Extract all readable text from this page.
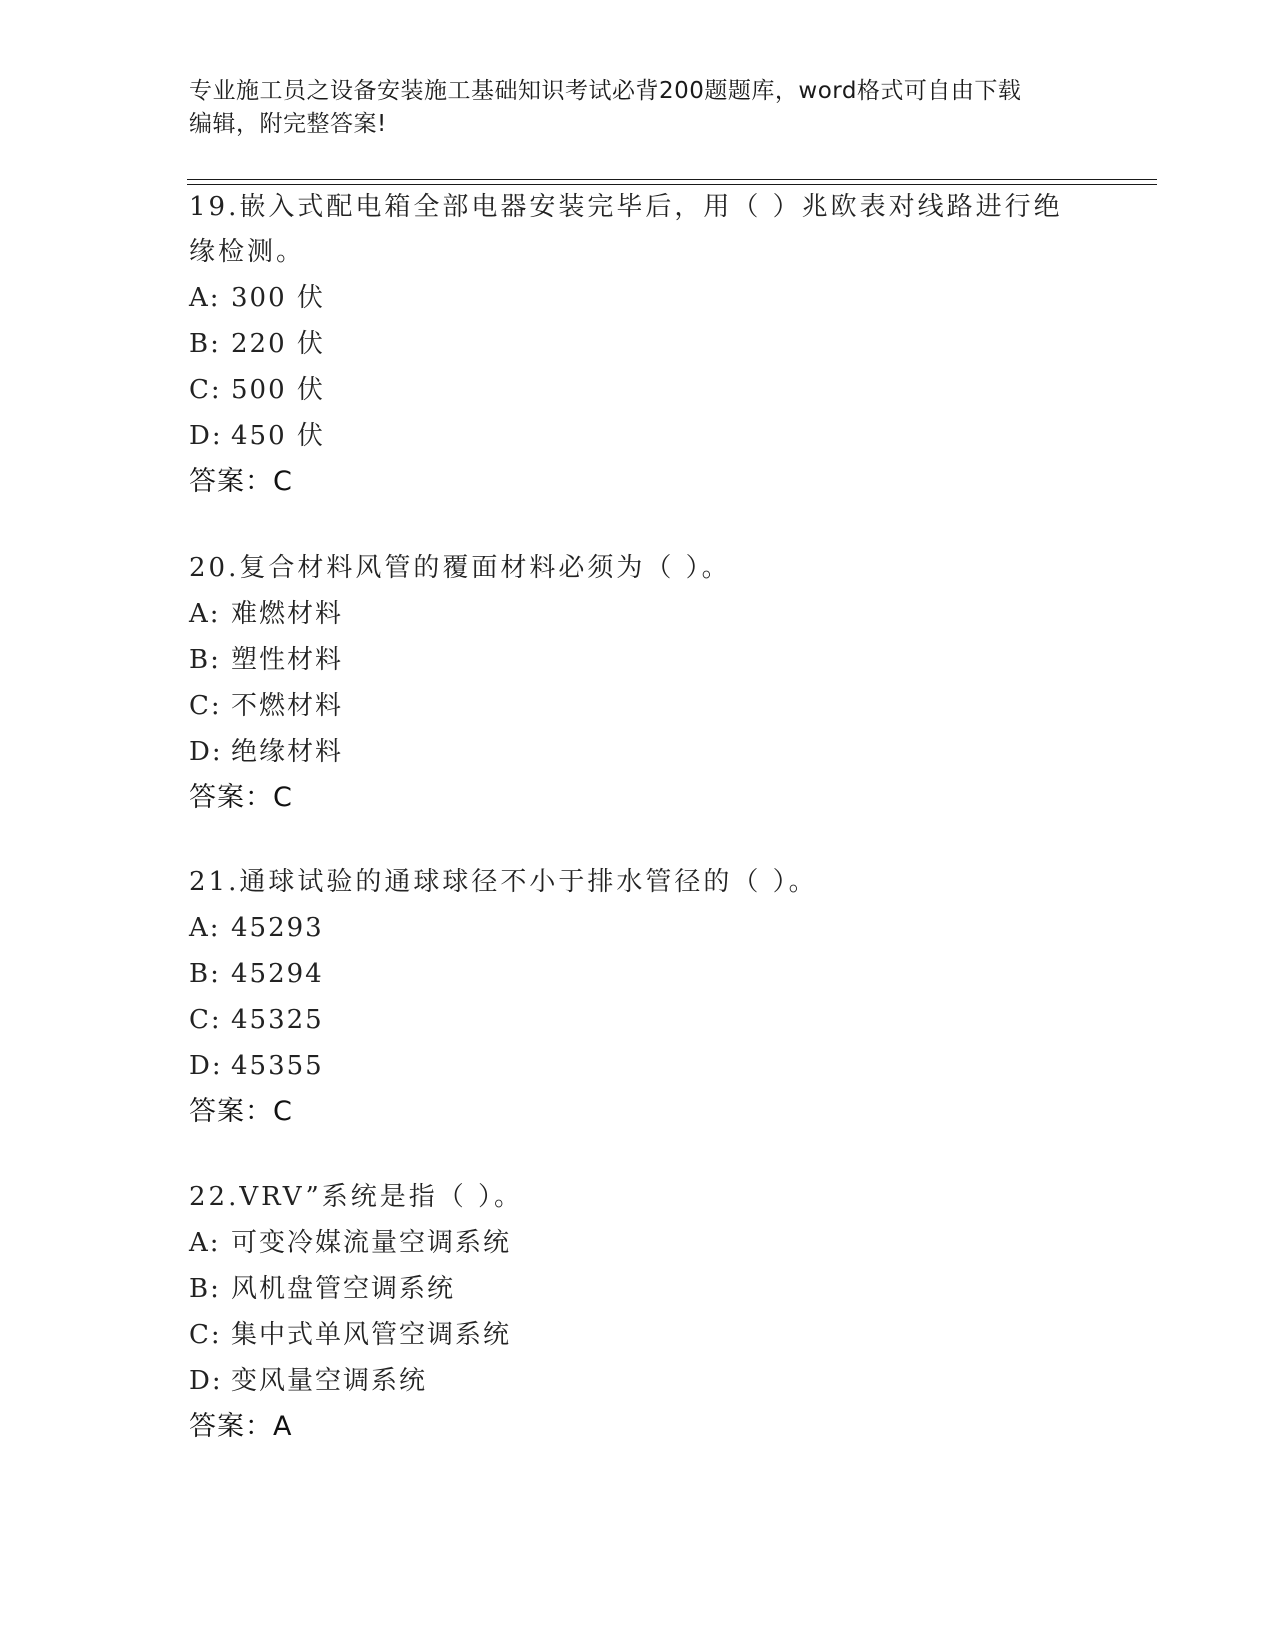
专业施工员之设备安装施工基础知识考试必背200题题库，word格式可自由下载
编辑，附完整答案!
19.嵌入式配电箱全部电器安装完毕后，用（ ）兆欧表对线路进行绝
缘检测。
A: 300 伏
B: 220 伏
C: 500 伏
D: 450 伏
答案：C
20.复合材料风管的覆面材料必须为（ ）。
A: 难燃材料
B: 塑性材料
C: 不燃材料
D: 绝缘材料
答案：C
21.通球试验的通球球径不小于排水管径的（ ）。
A: 45293
B: 45294
C: 45325
D: 45355
答案：C
22.VRV”系统是指（ ）。
A: 可变冷媒流量空调系统
B: 风机盘管空调系统
C: 集中式单风管空调系统
D: 变风量空调系统
答案：A
